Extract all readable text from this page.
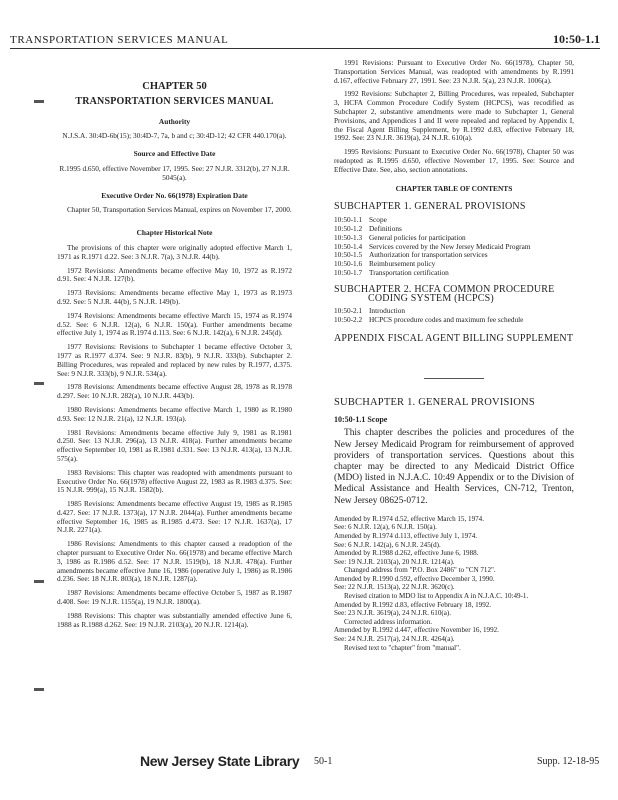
TRANSPORTATION SERVICES MANUAL	10:50-1.1
CHAPTER 50
TRANSPORTATION SERVICES MANUAL
Authority

N.J.S.A. 30:4D-6b(15); 30:4D-7, 7a, b and c; 30:4D-12; 42 CFR 440.170(a).

Source and Effective Date

R.1995 d.650, effective November 17, 1995. See: 27 N.J.R. 3312(b), 27 N.J.R. 5045(a).

Executive Order No. 66(1978) Expiration Date

Chapter 50, Transportation Services Manual, expires on November 17, 2000.

Chapter Historical Note

The provisions of this chapter were originally adopted effective March 1, 1971 as R.1971 d.22. See: 3 N.J.R. 7(a), 3 N.J.R. 44(b).

1972 Revisions: Amendments became effective May 10, 1972 as R.1972 d.91. See: 4 N.J.R. 127(b).

1973 Revisions: Amendments became effective May 1, 1973 as R.1973 d.92. See: 5 N.J.R. 44(b), 5 N.J.R. 149(b).

1974 Revisions: Amendments became effective March 15, 1974 as R.1974 d.52. See: 6 N.J.R. 12(a), 6 N.J.R. 150(a). Further amendments became effective July 1, 1974 as R.1974 d.113. See: 6 N.J.R. 142(a), 6 N.J.R. 245(d).

1977 Revisions: Revisions to Subchapter 1 became effective October 3, 1977 as R.1977 d.374. See: 9 N.J.R. 83(b), 9 N.J.R. 333(b). Subchapter 2. Billing Procedures, was repealed and replaced by new rules by R.1977, d.375. See: 9 N.J.R. 333(b), 9 N.J.R. 534(a).

1978 Revisions: Amendments became effective August 28, 1978 as R.1978 d.297. See: 10 N.J.R. 282(a), 10 N.J.R. 443(b).

1980 Revisions: Amendments became effective March 1, 1980 as R.1980 d.93. See: 12 N.J.R. 21(a), 12 N.J.R. 193(a).

1981 Revisions: Amendments became effective July 9, 1981 as R.1981 d.250. See: 13 N.J.R. 296(a), 13 N.J.R. 418(a). Further amendments became effective September 10, 1981 as R.1981 d.331. See: 13 N.J.R. 413(a), 13 N.J.R. 575(a).

1983 Revisions: This chapter was readopted with amendments pursuant to Executive Order No. 66(1978) effective August 22, 1983 as R.1983 d.375. See: 15 N.J.R. 999(a), 15 N.J.R. 1582(b).

1985 Revisions: Amendments became effective August 19, 1985 as R.1985 d.427. See: 17 N.J.R. 1373(a), 17 N.J.R. 2044(a). Further amendments became effective September 16, 1985 as R.1985 d.473. See: 17 N.J.R. 1637(a), 17 N.J.R. 2271(a).

1986 Revisions: Amendments to this chapter caused a readoption of the chapter pursuant to Executive Order No. 66(1978) and became effective March 3, 1986 as R.1986 d.52. See: 17 N.J.R. 1519(b), 18 N.J.R. 478(a). Further amendments became effective June 16, 1986 (operative July 1, 1986) as R.1986 d.236. See: 18 N.J.R. 803(a), 18 N.J.R. 1287(a).

1987 Revisions: Amendments became effective October 5, 1987 as R.1987 d.408. See: 19 N.J.R. 1155(a), 19 N.J.R. 1800(a).

1988 Revisions: This chapter was substantially amended effective June 6, 1988 as R.1988 d.262. See: 19 N.J.R. 2103(a), 20 N.J.R. 1214(a).

1991 Revisions: Pursuant to Executive Order No. 66(1978), Chapter 50, Transportation Services Manual, was readopted with amendments by R.1991 d.167, effective February 27, 1991. See: 23 N.J.R. 5(a), 23 N.J.R. 1006(a).

1992 Revisions: Subchapter 2, Billing Procedures, was repealed, Subchapter 3, HCFA Common Procedure Codify System (HCPCS), was recodified as Subchapter 2, substantive amendments were made to Subchapter 1, General Provisions, and Appendices I and II were repealed and replaced by Appendix I, the Fiscal Agent Billing Supplement, by R.1992 d.83, effective February 18, 1992. See: 23 N.J.R. 3619(a), 24 N.J.R. 610(a).

1995 Revisions: Pursuant to Executive Order No. 66(1978), Chapter 50 was readopted as R.1995 d.650, effective November 17, 1995. See: Source and Effective Date. See, also, section annotations.

CHAPTER TABLE OF CONTENTS
SUBCHAPTER 1. GENERAL PROVISIONS
10:50-1.1 Scope
10:50-1.2 Definitions
10:50-1.3 General policies for participation
10:50-1.4 Services covered by the New Jersey Medicaid Program
10:50-1.5 Authorization for transportation services
10:50-1.6 Reimbursement policy
10:50-1.7 Transportation certification
SUBCHAPTER 2. HCFA COMMON PROCEDURE
CODING SYSTEM (HCPCS)
10:50-2.1 Introduction
10:50-2.2 HCPCS procedure codes and maximum fee schedule
APPENDIX FISCAL AGENT BILLING SUPPLEMENT
SUBCHAPTER 1. GENERAL PROVISIONS
10:50-1.1 Scope
This chapter describes the policies and procedures of the New Jersey Medicaid Program for reimbursement of approved providers of transportation services. Questions about this chapter may be directed to any Medicaid District Office (MDO) listed in N.J.A.C. 10:49 Appendix or to the Division of Medical Assistance and Health Services, CN-712, Trenton, New Jersey 08625-0712.
Amended by R.1974 d.52, effective March 15, 1974.
See: 6 N.J.R. 12(a), 6 N.J.R. 150(a).
Amended by R.1974 d.113, effective July 1, 1974.
See: 6 N.J.R. 142(a), 6 N.J.R. 245(d).
Amended by R.1988 d.262, effective June 6, 1988.
See: 19 N.J.R. 2103(a), 20 N.J.R. 1214(a).
Changed address from "P.O. Box 2486" to "CN 712".
Amended by R.1990 d.592, effective December 3, 1990.
See: 22 N.J.R. 1513(a), 22 N.J.R. 3620(c).
Revised citation to MDO list to Appendix A in N.J.A.C. 10:49-1.
Amended by R.1992 d.83, effective February 18, 1992.
See: 23 N.J.R. 3619(a), 24 N.J.R. 610(a).
Corrected address information.
Amended by R.1992 d.447, effective November 16, 1992.
See: 24 N.J.R. 2517(a), 24 N.J.R. 4264(a).
Revised text to "chapter" from "manual".
New Jersey State Library 50-1	Supp. 12-18-95
